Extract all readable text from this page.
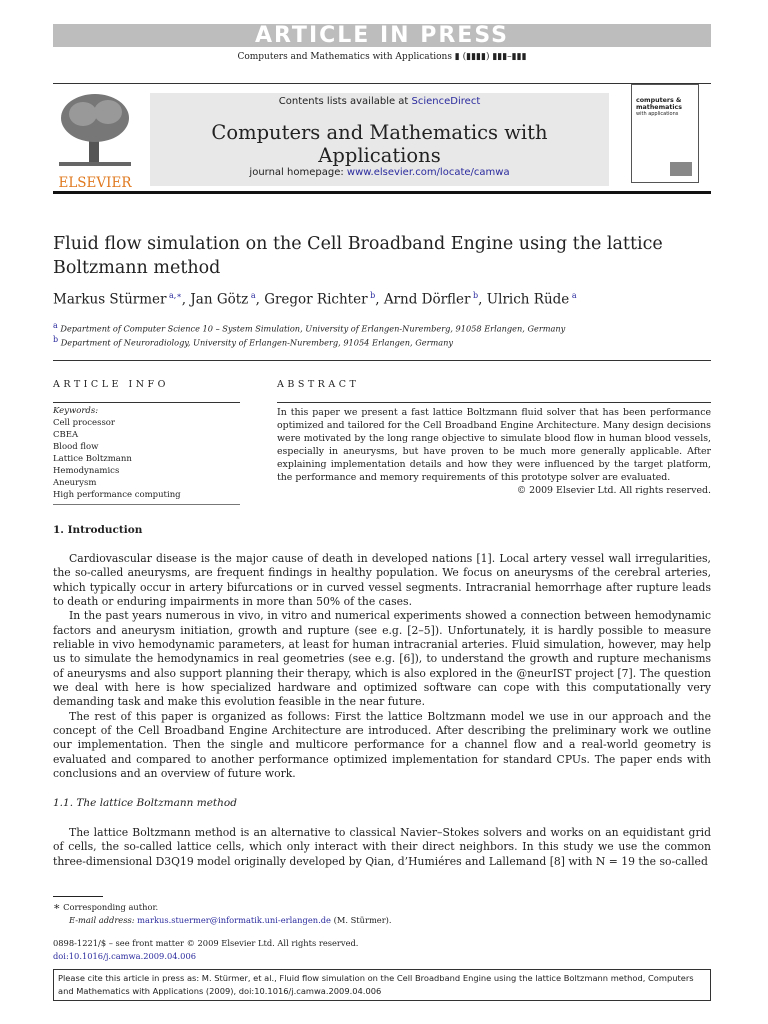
ARTICLE IN PRESS
Computers and Mathematics with Applications ▮ (▮▮▮▮) ▮▮▮–▮▮▮
ELSEVIER
Contents lists available at ScienceDirect
Computers and Mathematics with Applications
journal homepage: www.elsevier.com/locate/camwa
computers &
mathematics
with applications
Fluid flow simulation on the Cell Broadband Engine using the lattice Boltzmann method
Markus Stürmer $^{a,∗}$, Jan Götz $^a$, Gregor Richter $^b$, Arnd Dörfler $^b$, Ulrich Rüde $^a$
$^a$ Department of Computer Science 10 – System Simulation, University of Erlangen-Nuremberg, 91058 Erlangen, Germany
$^b$ Department of Neuroradiology, University of Erlangen-Nuremberg, 91054 Erlangen, Germany
ARTICLE INFO
Keywords:
Cell processor
CBEA
Blood flow
Lattice Boltzmann
Hemodynamics
Aneurysm
High performance computing
ABSTRACT
In this paper we present a fast lattice Boltzmann fluid solver that has been performance optimized and tailored for the Cell Broadband Engine Architecture. Many design decisions were motivated by the long range objective to simulate blood flow in human blood vessels, especially in aneurysms, but have proven to be much more generally applicable. After explaining implementation details and how they were influenced by the target platform, the performance and memory requirements of this prototype solver are evaluated.
© 2009 Elsevier Ltd. All rights reserved.
1. Introduction

Cardiovascular disease is the major cause of death in developed nations [1]. Local artery vessel wall irregularities, the so-called aneurysms, are frequent findings in healthy population. We focus on aneurysms of the cerebral arteries, which typically occur in artery bifurcations or in curved vessel segments. Intracranial hemorrhage after rupture leads to death or enduring impairments in more than 50% of the cases.

In the past years numerous in vivo, in vitro and numerical experiments showed a connection between hemodynamic factors and aneurysm initiation, growth and rupture (see e.g. [2–5]). Unfortunately, it is hardly possible to measure reliable in vivo hemodynamic parameters, at least for human intracranial arteries. Fluid simulation, however, may help us to simulate the hemodynamics in real geometries (see e.g. [6]), to understand the growth and rupture mechanisms of aneurysms and also support planning their therapy, which is also explored in the @neurIST project [7]. The question we deal with here is how specialized hardware and optimized software can cope with this computationally very demanding task and make this evolution feasible in the near future.

The rest of this paper is organized as follows: First the lattice Boltzmann model we use in our approach and the concept of the Cell Broadband Engine Architecture are introduced. After describing the preliminary work we outline our implementation. Then the single and multicore performance for a channel flow and a real-world geometry is evaluated and compared to another performance optimized implementation for standard CPUs. The paper ends with conclusions and an overview of future work.

1.1. The lattice Boltzmann method

The lattice Boltzmann method is an alternative to classical Navier–Stokes solvers and works on an equidistant grid of cells, the so-called lattice cells, which only interact with their direct neighbors. In this study we use the common three-dimensional D3Q19 model originally developed by Qian, d’Humiéres and Lallemand [8] with N = 19 the so-called

∗ Corresponding author.
E-mail address: markus.stuermer@informatik.uni-erlangen.de (M. Stürmer).
0898-1221/$ – see front matter © 2009 Elsevier Ltd. All rights reserved.
doi:10.1016/j.camwa.2009.04.006
Please cite this article in press as: M. Stürmer, et al., Fluid flow simulation on the Cell Broadband Engine using the lattice Boltzmann method, Computers and Mathematics with Applications (2009), doi:10.1016/j.camwa.2009.04.006
